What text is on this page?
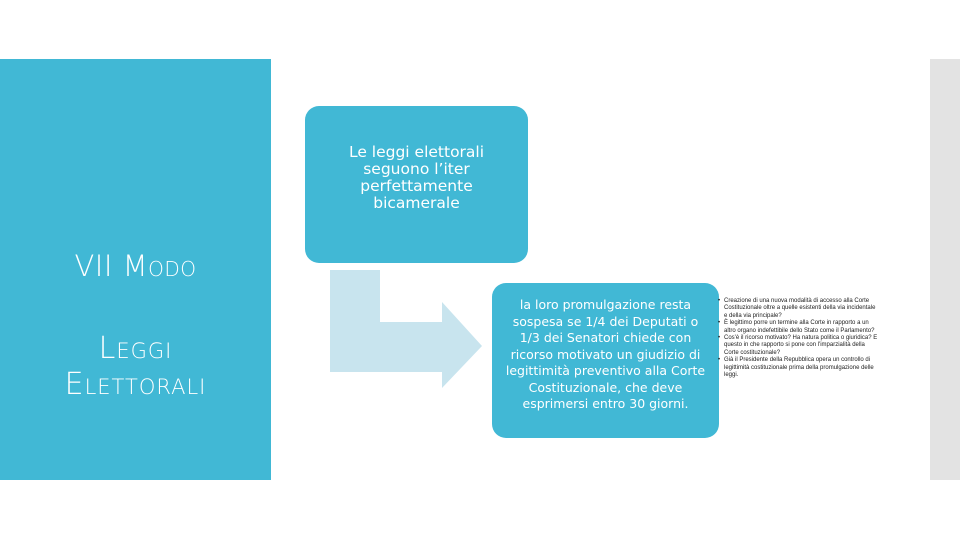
VII Modo
Leggi
Elettorali
Le leggi elettorali seguono l’iter perfettamente bicamerale
la loro promulgazione resta sospesa se 1/4 dei Deputati o 1/3 dei Senatori chiede con ricorso motivato un giudizio di legittimità preventivo alla Corte Costituzionale, che deve esprimersi entro 30 giorni.
• Creazione di una nuova modalità di accesso alla Corte Costituzionale oltre a quelle esistenti della via incidentale e della via principale?
• È legittimo porre un termine alla Corte in rapporto a un altro organo indefettibile dello Stato come il Parlamento?
• Cos'è il ricorso motivato? Ha natura politica o giuridica? E questo in che rapporto si pone con l'imparzialità della Corte costituzionale?
• Già il Presidente della Repubblica opera un controllo di legittimità costituzionale prima della promulgazione delle leggi.
